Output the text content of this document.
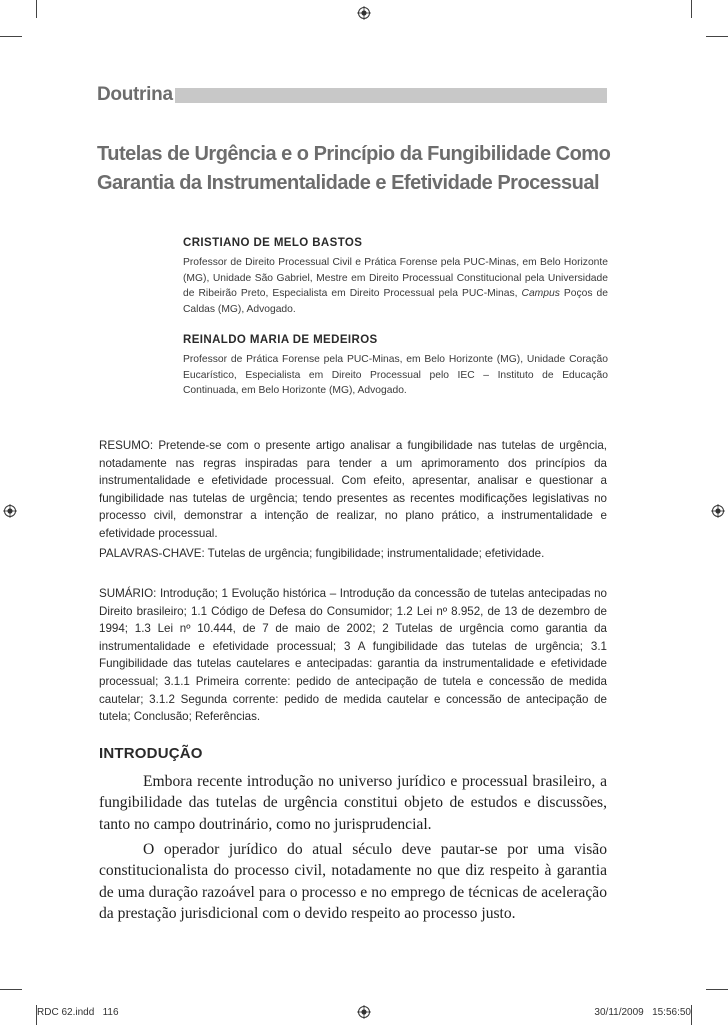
Doutrina
Tutelas de Urgência e o Princípio da Fungibilidade Como Garantia da Instrumentalidade e Efetividade Processual

CRISTIANO DE MELO BASTOS

Professor de Direito Processual Civil e Prática Forense pela PUC-Minas, em Belo Horizonte (MG), Unidade São Gabriel, Mestre em Direito Processual Constitucional pela Universidade de Ribeirão Preto, Especialista em Direito Processual pela PUC-Minas, Campus Poços de Caldas (MG), Advogado.

REINALDO MARIA DE MEDEIROS

Professor de Prática Forense pela PUC-Minas, em Belo Horizonte (MG), Unidade Coração Eucarístico, Especialista em Direito Processual pelo IEC – Instituto de Educação Continuada, em Belo Horizonte (MG), Advogado.

RESUMO: Pretende-se com o presente artigo analisar a fungibilidade nas tutelas de urgência, notadamente nas regras inspiradas para tender a um aprimoramento dos princípios da instrumentalidade e efetividade processual. Com efeito, apresentar, analisar e questionar a fungibilidade nas tutelas de urgência; tendo presentes as recentes modificações legislativas no processo civil, demonstrar a intenção de realizar, no plano prático, a instrumentalidade e efetividade processual.

PALAVRAS-CHAVE: Tutelas de urgência; fungibilidade; instrumentalidade; efetividade.

SUMÁRIO: Introdução; 1 Evolução histórica – Introdução da concessão de tutelas antecipadas no Direito brasileiro; 1.1 Código de Defesa do Consumidor; 1.2 Lei nº 8.952, de 13 de dezembro de 1994; 1.3 Lei nº 10.444, de 7 de maio de 2002; 2 Tutelas de urgência como garantia da instrumentalidade e efetividade processual; 3 A fungibilidade das tutelas de urgência; 3.1 Fungibilidade das tutelas cautelares e antecipadas: garantia da instrumentalidade e efetividade processual; 3.1.1 Primeira corrente: pedido de antecipação de tutela e concessão de medida cautelar; 3.1.2 Segunda corrente: pedido de medida cautelar e concessão de antecipação de tutela; Conclusão; Referências.

INTRODUÇÃO

Embora recente introdução no universo jurídico e processual brasileiro, a fungibilidade das tutelas de urgência constitui objeto de estudos e discussões, tanto no campo doutrinário, como no jurisprudencial.

O operador jurídico do atual século deve pautar-se por uma visão constitucionalista do processo civil, notadamente no que diz respeito à garantia de uma duração razoável para o processo e no emprego de técnicas de aceleração da prestação jurisdicional com o devido respeito ao processo justo.

RDC 62.indd   116	30/11/2009   15:56:50
